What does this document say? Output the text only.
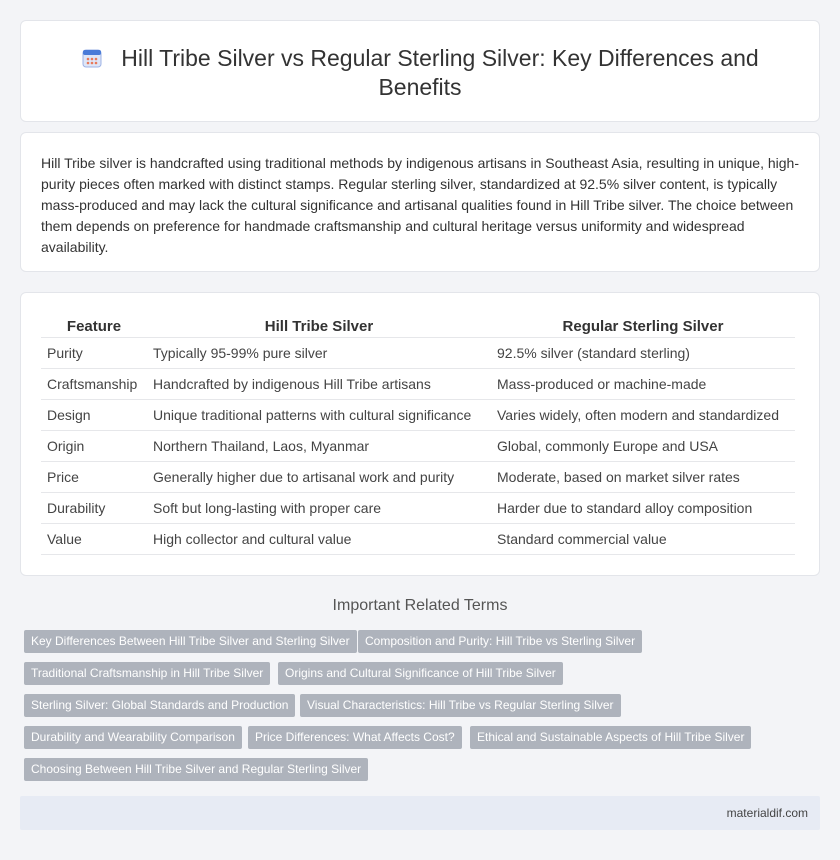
Hill Tribe Silver vs Regular Sterling Silver: Key Differences and
Benefits

Hill Tribe silver is handcrafted using traditional methods by indigenous artisans in Southeast Asia, resulting in unique, high-purity pieces often marked with distinct stamps. Regular sterling silver, standardized at 92.5% silver content, is typically mass-produced and may lack the cultural significance and artisanal qualities found in Hill Tribe silver. The choice between them depends on preference for handmade craftsmanship and cultural heritage versus uniformity and widespread availability.

Feature	Hill Tribe Silver	Regular Sterling Silver
Purity	Typically 95-99% pure silver	92.5% silver (standard sterling)
Craftsmanship	Handcrafted by indigenous Hill Tribe artisans	Mass-produced or machine-made
Design	Unique traditional patterns with cultural significance	Varies widely, often modern and standardized
Origin	Northern Thailand, Laos, Myanmar	Global, commonly Europe and USA
Price	Generally higher due to artisanal work and purity	Moderate, based on market silver rates
Durability	Soft but long-lasting with proper care	Harder due to standard alloy composition
Value	High collector and cultural value	Standard commercial value
Important Related Terms
Key Differences Between Hill Tribe Silver and Sterling Silver	Composition and Purity: Hill Tribe vs Sterling Silver
Traditional Craftsmanship in Hill Tribe Silver	Origins and Cultural Significance of Hill Tribe Silver
Sterling Silver: Global Standards and Production	Visual Characteristics: Hill Tribe vs Regular Sterling Silver
Durability and Wearability Comparison	Price Differences: What Affects Cost?	Ethical and Sustainable Aspects of Hill Tribe Silver
Choosing Between Hill Tribe Silver and Regular Sterling Silver
materialdif.com
